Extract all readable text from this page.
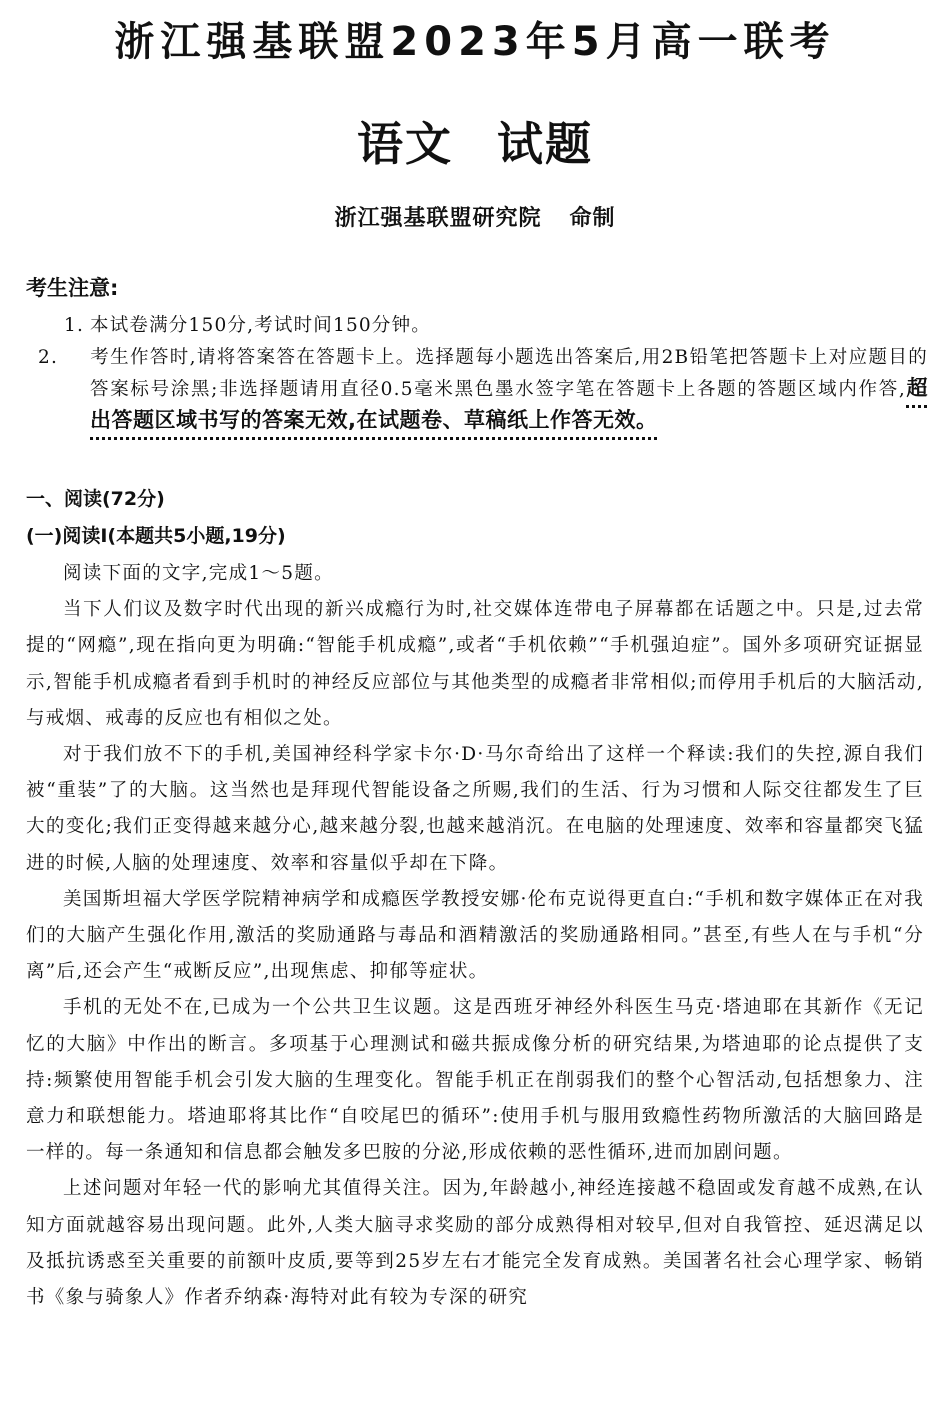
浙江强基联盟2023年5月高一联考
语文 试题
浙江强基联盟研究院 命制
考生注意:
1. 本试卷满分150分,考试时间150分钟。
2. 考生作答时,请将答案答在答题卡上。选择题每小题选出答案后,用2B铅笔把答题卡上对应题目的答案标号涂黑;非选择题请用直径0.5毫米黑色墨水签字笔在答题卡上各题的答题区域内作答,超出答题区域书写的答案无效,在试题卷、草稿纸上作答无效。
一、阅读(72分)
(一)阅读Ⅰ(本题共5小题,19分)

阅读下面的文字,完成1～5题。

当下人们议及数字时代出现的新兴成瘾行为时,社交媒体连带电子屏幕都在话题之中。只是,过去常提的“网瘾”,现在指向更为明确:“智能手机成瘾”,或者“手机依赖”“手机强迫症”。国外多项研究证据显示,智能手机成瘾者看到手机时的神经反应部位与其他类型的成瘾者非常相似;而停用手机后的大脑活动,与戒烟、戒毒的反应也有相似之处。

对于我们放不下的手机,美国神经科学家卡尔·D·马尔奇给出了这样一个释读:我们的失控,源自我们被“重装”了的大脑。这当然也是拜现代智能设备之所赐,我们的生活、行为习惯和人际交往都发生了巨大的变化;我们正变得越来越分心,越来越分裂,也越来越消沉。在电脑的处理速度、效率和容量都突飞猛进的时候,人脑的处理速度、效率和容量似乎却在下降。

美国斯坦福大学医学院精神病学和成瘾医学教授安娜·伦布克说得更直白:“手机和数字媒体正在对我们的大脑产生强化作用,激活的奖励通路与毒品和酒精激活的奖励通路相同。”甚至,有些人在与手机“分离”后,还会产生“戒断反应”,出现焦虑、抑郁等症状。

手机的无处不在,已成为一个公共卫生议题。这是西班牙神经外科医生马克·塔迪耶在其新作《无记忆的大脑》中作出的断言。多项基于心理测试和磁共振成像分析的研究结果,为塔迪耶的论点提供了支持:频繁使用智能手机会引发大脑的生理变化。智能手机正在削弱我们的整个心智活动,包括想象力、注意力和联想能力。塔迪耶将其比作“自咬尾巴的循环”:使用手机与服用致瘾性药物所激活的大脑回路是一样的。每一条通知和信息都会触发多巴胺的分泌,形成依赖的恶性循环,进而加剧问题。

上述问题对年轻一代的影响尤其值得关注。因为,年龄越小,神经连接越不稳固或发育越不成熟,在认知方面就越容易出现问题。此外,人类大脑寻求奖励的部分成熟得相对较早,但对自我管控、延迟满足以及抵抗诱惑至关重要的前额叶皮质,要等到25岁左右才能完全发育成熟。美国著名社会心理学家、畅销书《象与骑象人》作者乔纳森·海特对此有较为专深的研究
